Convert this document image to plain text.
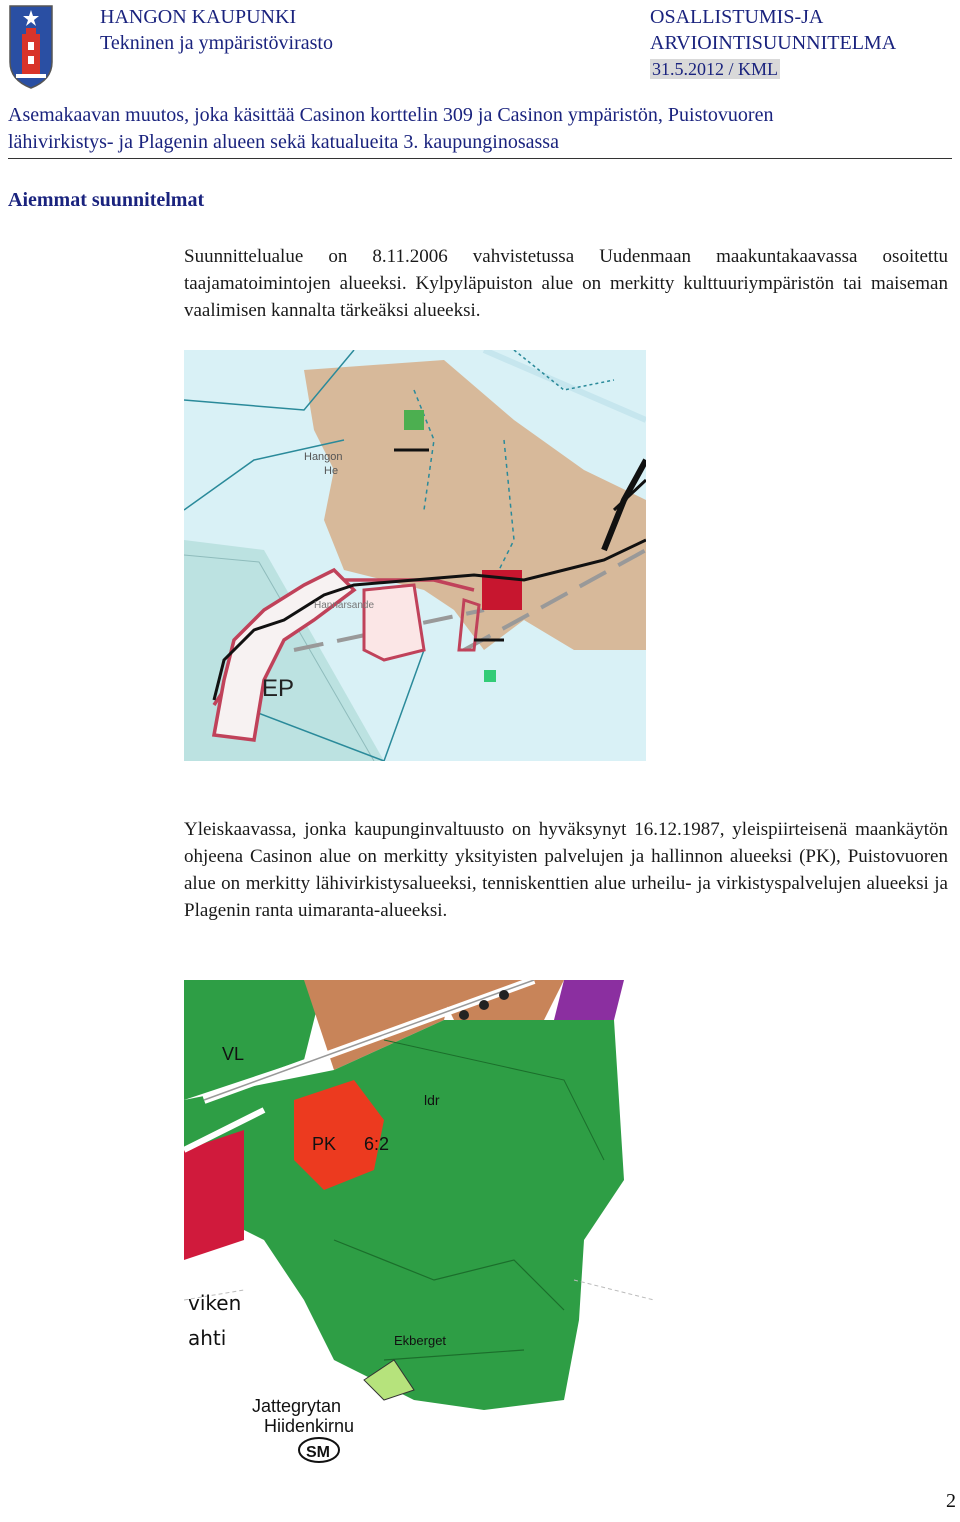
HANGON KAUPUNKI
Tekninen ja ympäristövirasto
OSALLISTUMIS-JA
ARVIOINTISUUNNITELMA
31.5.2012 / KML
Asemakaavan muutos, joka käsittää Casinon korttelin 309 ja Casinon ympäristön, Puistovuoren
lähivirkistys- ja Plagenin alueen sekä katualueita 3. kaupunginosassa
Aiemmat suunnitelmat
Suunnittelualue on 8.11.2006 vahvistetussa Uudenmaan maakuntakaavassa osoitettu taajamatoimintojen alueeksi. Kylpyläpuiston alue on merkitty kulttuuriympäristön tai maiseman vaalimisen kannalta tärkeäksi alueeksi.
Hangon
He
Hannarsande
EP
Yleiskaavassa, jonka kaupunginvaltuusto on hyväksynyt 16.12.1987, yleispiirteisenä maankäytön ohjeena Casinon alue on merkitty yksityisten palvelujen ja hallinnon alueeksi (PK), Puistovuoren alue on merkitty lähivirkistysalueeksi, tenniskenttien alue urheilu- ja virkistyspalvelujen alueeksi ja Plagenin ranta uimaranta-alueeksi.
VL
PK 6:2
ldr
Ekberget
viken
ahti
Jattegrytan
Hiidenkirnu
SM
2
